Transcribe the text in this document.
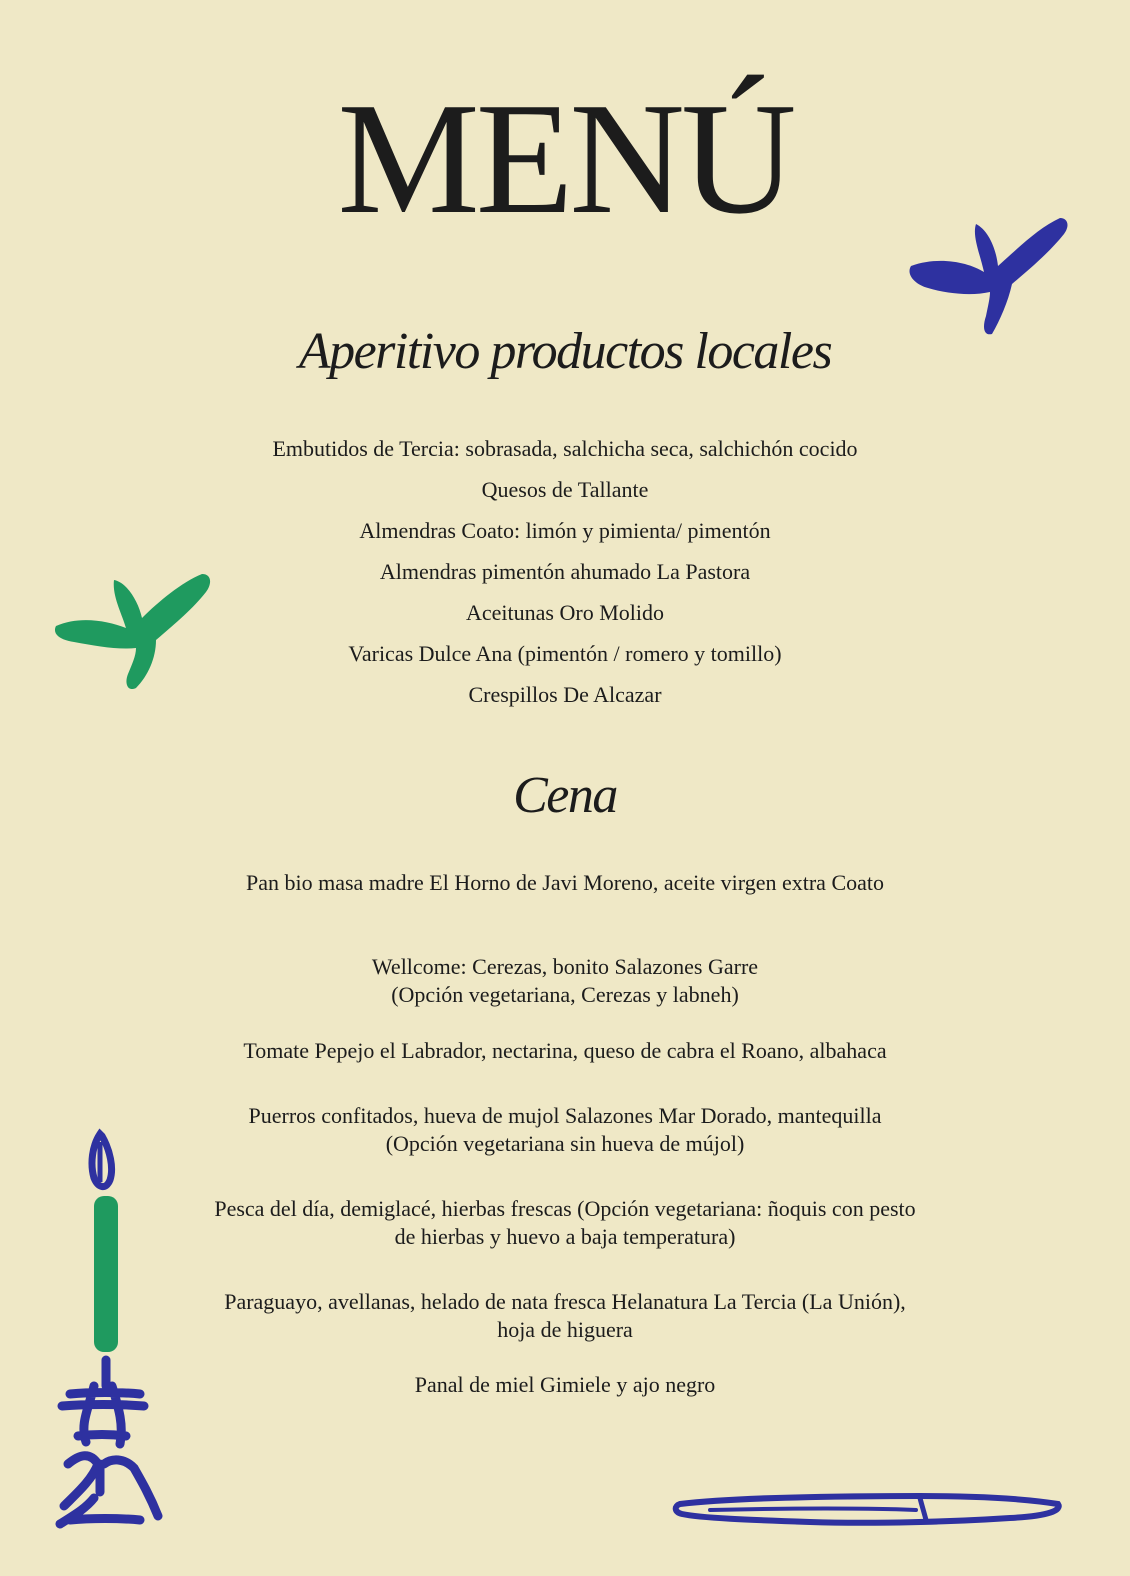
MENÚ
Aperitivo productos locales
Embutidos de Tercia: sobrasada, salchicha seca, salchichón cocido
Quesos de Tallante
Almendras Coato: limón y pimienta/ pimentón
Almendras pimentón ahumado La Pastora
Aceitunas Oro Molido
Varicas Dulce Ana (pimentón / romero y tomillo)
Crespillos De Alcazar
Cena
Pan bio masa madre El Horno de Javi Moreno, aceite virgen extra Coato
Wellcome: Cerezas, bonito Salazones Garre
(Opción vegetariana, Cerezas y labneh)
Tomate Pepejo el Labrador, nectarina, queso de cabra el Roano, albahaca
Puerros confitados, hueva de mujol Salazones Mar Dorado, mantequilla
(Opción vegetariana sin hueva de mújol)
Pesca del día, demiglacé, hierbas frescas (Opción vegetariana: ñoquis con pesto
de hierbas y huevo a baja temperatura)
Paraguayo, avellanas, helado de nata fresca Helanatura La Tercia (La Unión),
hoja de higuera
Panal de miel Gimiele y ajo negro
